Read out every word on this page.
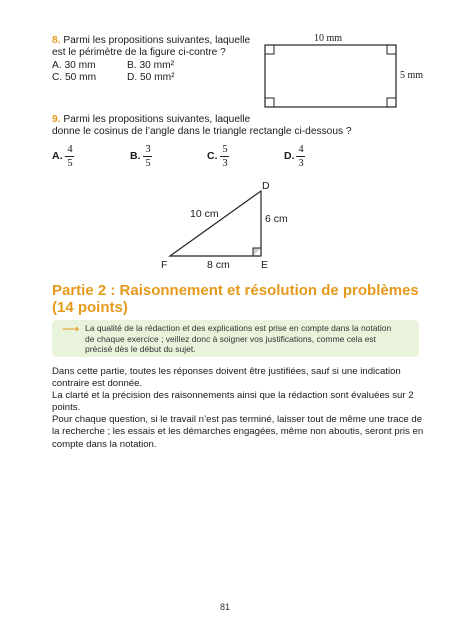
8. Parmi les propositions suivantes, laquelle
est le périmètre de la figure ci-contre ?
A. 30 mm	B. 30 mm²
C. 50 mm	D. 50 mm²
10 mm
5 mm
9. Parmi les propositions suivantes, laquelle
donne le cosinus de l’angle dans le triangle rectangle ci-dessous ?
A.
4
5
B.
3
5
C.
5
3
D.
4
3
D
E
F
10 cm	6 cm
8 cm
Partie 2 : Raisonnement et résolution de problèmes
(14 points)
⟶ La qualité de la rédaction et des explications est prise en compte dans la notation
de chaque exercice ; veillez donc à soigner vos justifications, comme cela est
précisé dès le début du sujet.
Dans cette partie, toutes les réponses doivent être justifiées, sauf si une indication
contraire est donnée.
La clarté et la précision des raisonnements ainsi que la rédaction sont évaluées sur 2
points.
Pour chaque question, si le travail n’est pas terminé, laisser tout de même une trace de
la recherche ; les essais et les démarches engagées, même non aboutis, seront pris en
compte dans la notation.
81
